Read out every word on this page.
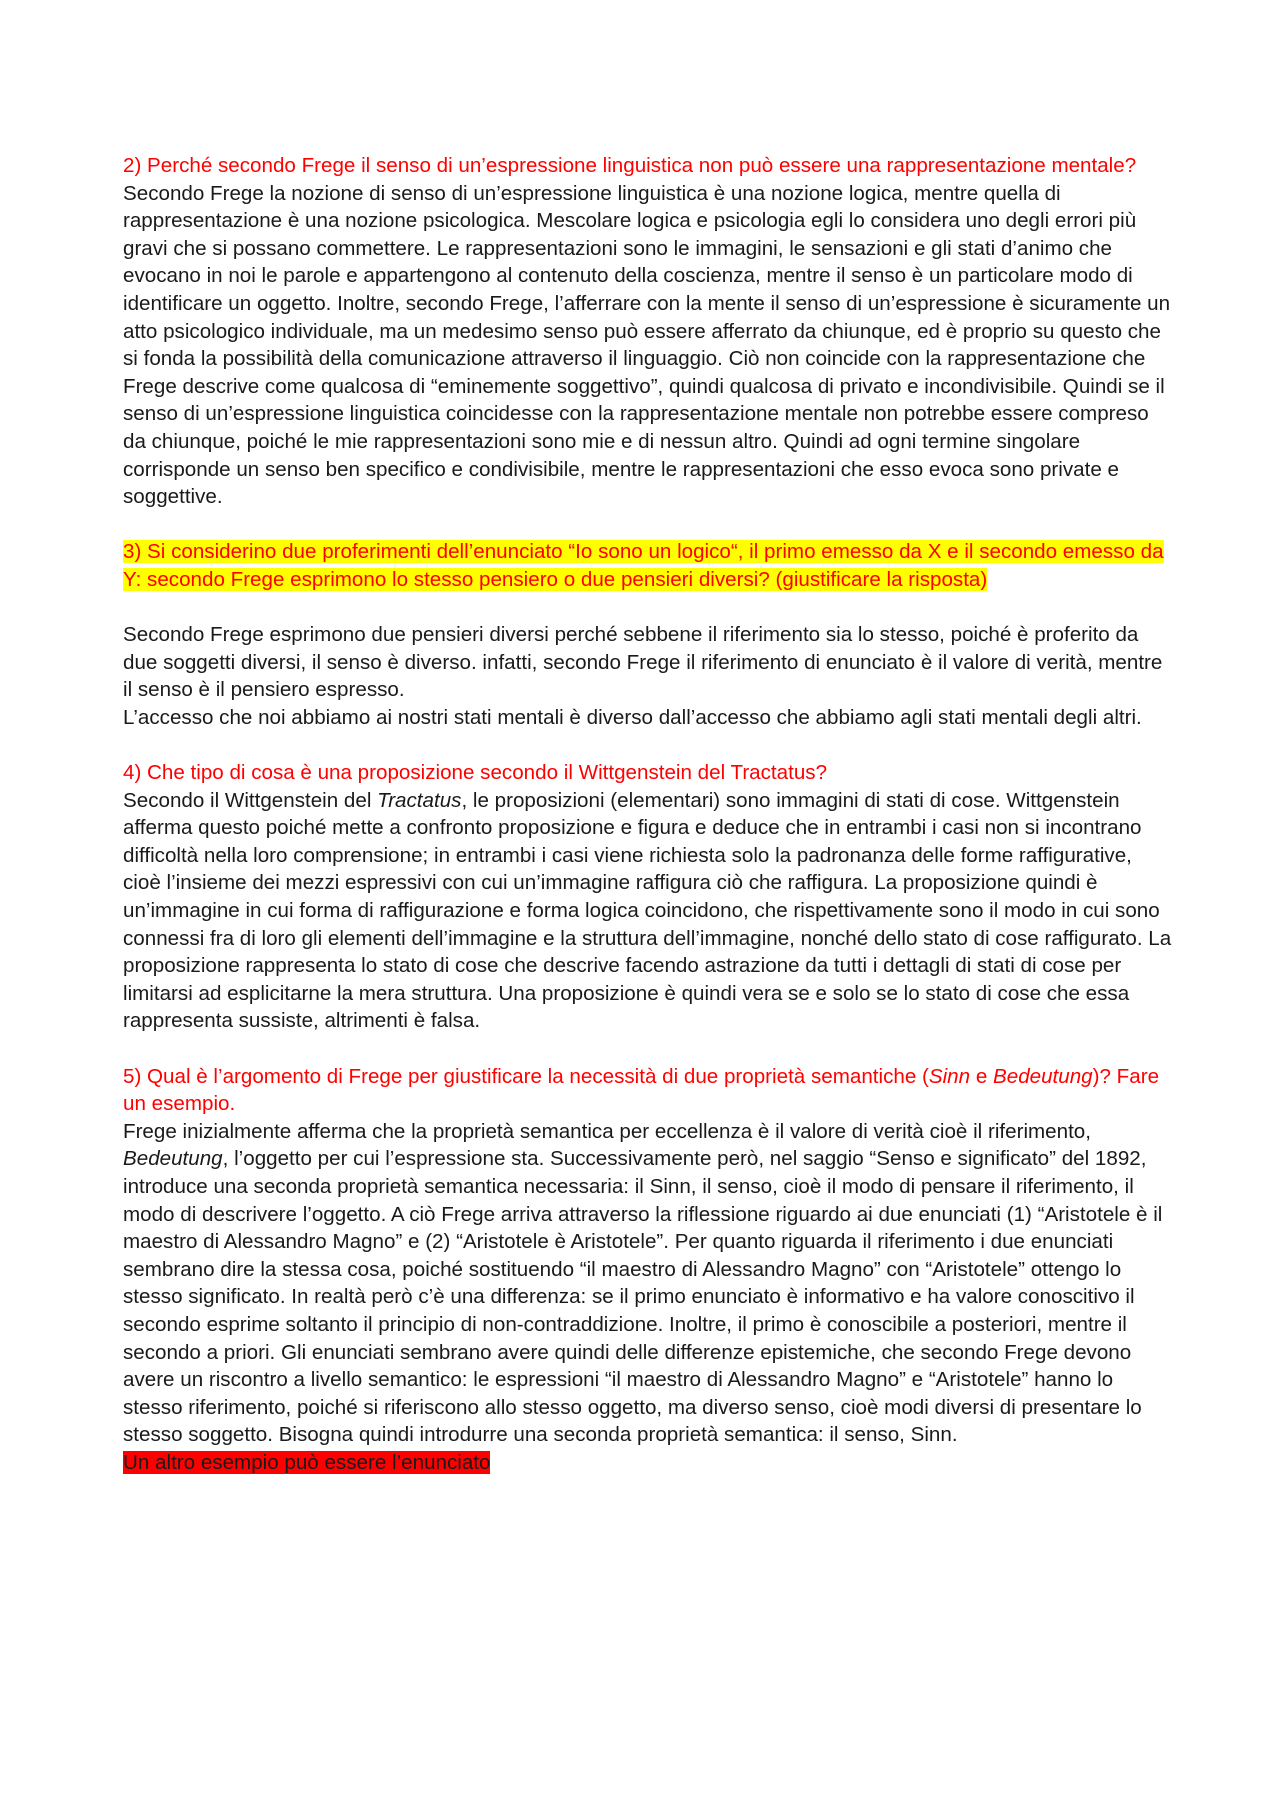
2) Perché secondo Frege il senso di un’espressione linguistica non può essere una rappresentazione mentale?

Secondo Frege la nozione di senso di un’espressione linguistica è una nozione logica, mentre quella di rappresentazione è una nozione psicologica. Mescolare logica e psicologia egli lo considera uno degli errori più gravi che si possano commettere. Le rappresentazioni sono le immagini, le sensazioni e gli stati d’animo che evocano in noi le parole e appartengono al contenuto della coscienza, mentre il senso è un particolare modo di identificare un oggetto. Inoltre, secondo Frege, l’afferrare con la mente il senso di un’espressione è sicuramente un atto psicologico individuale, ma un medesimo senso può essere afferrato da chiunque, ed è proprio su questo che si fonda la possibilità della comunicazione attraverso il linguaggio. Ciò non coincide con la rappresentazione che Frege descrive come qualcosa di “eminemente soggettivo”, quindi qualcosa di privato e incondivisibile. Quindi se il senso di un’espressione linguistica coincidesse con la rappresentazione mentale non potrebbe essere compreso da chiunque, poiché le mie rappresentazioni sono mie e di nessun altro. Quindi ad ogni termine singolare corrisponde un senso ben specifico e condivisibile, mentre le rappresentazioni che esso evoca sono private e soggettive.

3) Si considerino due proferimenti dell’enunciato “Io sono un logico“, il primo emesso da X e il secondo emesso da Y: secondo Frege esprimono lo stesso pensiero o due pensieri diversi? (giustificare la risposta)

Secondo Frege esprimono due pensieri diversi perché sebbene il riferimento sia lo stesso, poiché è proferito da due soggetti diversi, il senso è diverso. infatti, secondo Frege il riferimento di enunciato è il valore di verità, mentre il senso è il pensiero espresso.

L’accesso che noi abbiamo ai nostri stati mentali è diverso dall’accesso che abbiamo agli stati mentali degli altri.

4) Che tipo di cosa è una proposizione secondo il Wittgenstein del Tractatus?

Secondo il Wittgenstein del Tractatus, le proposizioni (elementari) sono immagini di stati di cose. Wittgenstein afferma questo poiché mette a confronto proposizione e figura e deduce che in entrambi i casi non si incontrano difficoltà nella loro comprensione; in entrambi i casi viene richiesta solo la padronanza delle forme raffigurative, cioè l’insieme dei mezzi espressivi con cui un’immagine raffigura ciò che raffigura. La proposizione quindi è un’immagine in cui forma di raffigurazione e forma logica coincidono, che rispettivamente sono il modo in cui sono connessi fra di loro gli elementi dell’immagine e la struttura dell’immagine, nonché dello stato di cose raffigurato. La proposizione rappresenta lo stato di cose che descrive facendo astrazione da tutti i dettagli di stati di cose per limitarsi ad esplicitarne la mera struttura. Una proposizione è quindi vera se e solo se lo stato di cose che essa rappresenta sussiste, altrimenti è falsa.

5) Qual è l’argomento di Frege per giustificare la necessità di due proprietà semantiche (Sinn e Bedeutung)? Fare un esempio.

Frege inizialmente afferma che la proprietà semantica per eccellenza è il valore di verità cioè il riferimento, Bedeutung, l’oggetto per cui l’espressione sta. Successivamente però, nel saggio “Senso e significato” del 1892, introduce una seconda proprietà semantica necessaria: il Sinn, il senso, cioè il modo di pensare il riferimento, il modo di descrivere l’oggetto. A ciò Frege arriva attraverso la riflessione riguardo ai due enunciati (1) “Aristotele è il maestro di Alessandro Magno” e (2) “Aristotele è Aristotele”. Per quanto riguarda il riferimento i due enunciati sembrano dire la stessa cosa, poiché sostituendo “il maestro di Alessandro Magno” con “Aristotele” ottengo lo stesso significato. In realtà però c’è una differenza: se il primo enunciato è informativo e ha valore conoscitivo il secondo esprime soltanto il principio di non-contraddizione. Inoltre, il primo è conoscibile a posteriori, mentre il secondo a priori. Gli enunciati sembrano avere quindi delle differenze epistemiche, che secondo Frege devono avere un riscontro a livello semantico: le espressioni “il maestro di Alessandro Magno” e “Aristotele” hanno lo stesso riferimento, poiché si riferiscono allo stesso oggetto, ma diverso senso, cioè modi diversi di presentare lo stesso soggetto. Bisogna quindi introdurre una seconda proprietà semantica: il senso, Sinn.

Un altro esempio può essere l’enunciato
